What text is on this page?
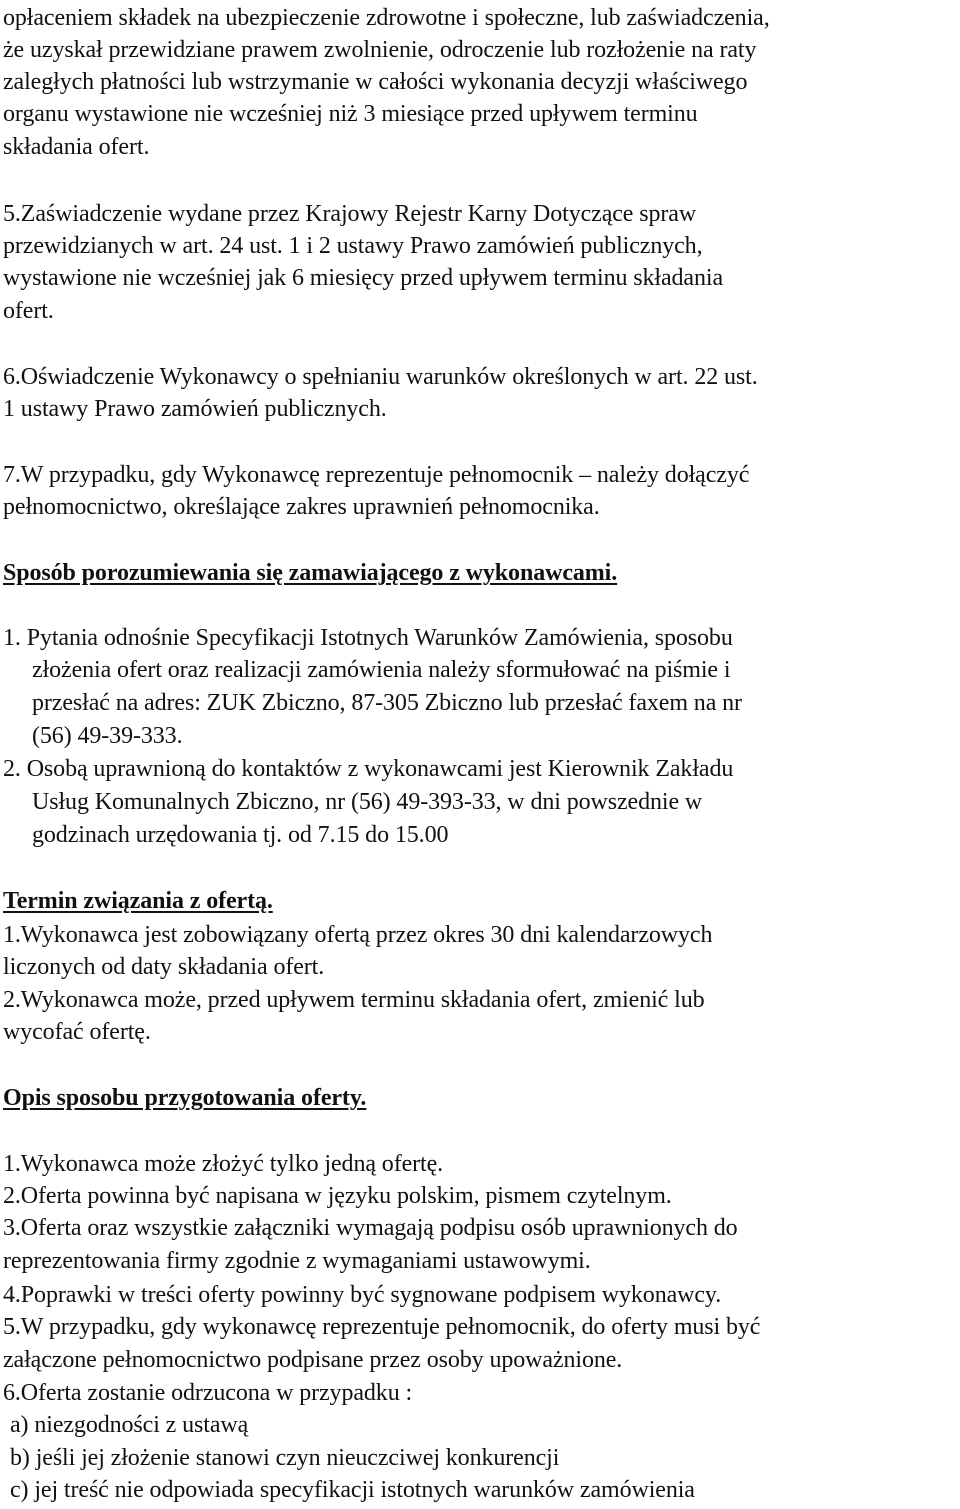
opłaceniem składek na ubezpieczenie zdrowotne i społeczne, lub zaświadczenia,
że uzyskał przewidziane prawem zwolnienie, odroczenie lub rozłożenie na raty
zaległych płatności lub wstrzymanie w całości wykonania decyzji właściwego
organu wystawione nie wcześniej niż 3 miesiące przed upływem terminu
składania ofert.
5.Zaświadczenie wydane przez Krajowy Rejestr Karny Dotyczące spraw
przewidzianych w art. 24 ust. 1 i 2 ustawy Prawo zamówień publicznych,
wystawione nie wcześniej jak 6 miesięcy przed upływem terminu składania
ofert.
6.Oświadczenie Wykonawcy o spełnianiu warunków określonych w art. 22 ust.
1 ustawy Prawo zamówień publicznych.
7.W przypadku, gdy Wykonawcę reprezentuje pełnomocnik – należy dołączyć
pełnomocnictwo, określające zakres uprawnień pełnomocnika.
Sposób porozumiewania się zamawiającego z wykonawcami.
1. Pytania odnośnie Specyfikacji Istotnych Warunków Zamówienia, sposobu
złożenia ofert oraz realizacji zamówienia należy sformułować na piśmie i
przesłać na adres: ZUK Zbiczno, 87-305 Zbiczno lub przesłać faxem na nr
(56) 49-39-333.
2. Osobą uprawnioną do kontaktów z wykonawcami jest Kierownik Zakładu
Usług Komunalnych Zbiczno, nr (56) 49-393-33, w dni powszednie w
godzinach urzędowania tj. od 7.15 do 15.00
Termin związania z ofertą.
1.Wykonawca jest zobowiązany ofertą przez okres 30 dni kalendarzowych
liczonych od daty składania ofert.
2.Wykonawca może, przed upływem terminu składania ofert, zmienić lub
wycofać ofertę.
Opis sposobu przygotowania oferty.
1.Wykonawca może złożyć tylko jedną ofertę.
2.Oferta powinna być napisana w języku polskim, pismem czytelnym.
3.Oferta oraz wszystkie załączniki wymagają podpisu osób uprawnionych do
reprezentowania firmy zgodnie z wymaganiami ustawowymi.
4.Poprawki w treści oferty powinny być sygnowane podpisem wykonawcy.
5.W przypadku, gdy wykonawcę reprezentuje pełnomocnik, do oferty musi być
załączone pełnomocnictwo podpisane przez osoby upoważnione.
6.Oferta zostanie odrzucona w przypadku :
a) niezgodności z ustawą
b) jeśli jej złożenie stanowi czyn nieuczciwej konkurencji
c) jej treść nie odpowiada specyfikacji istotnych warunków zamówienia
